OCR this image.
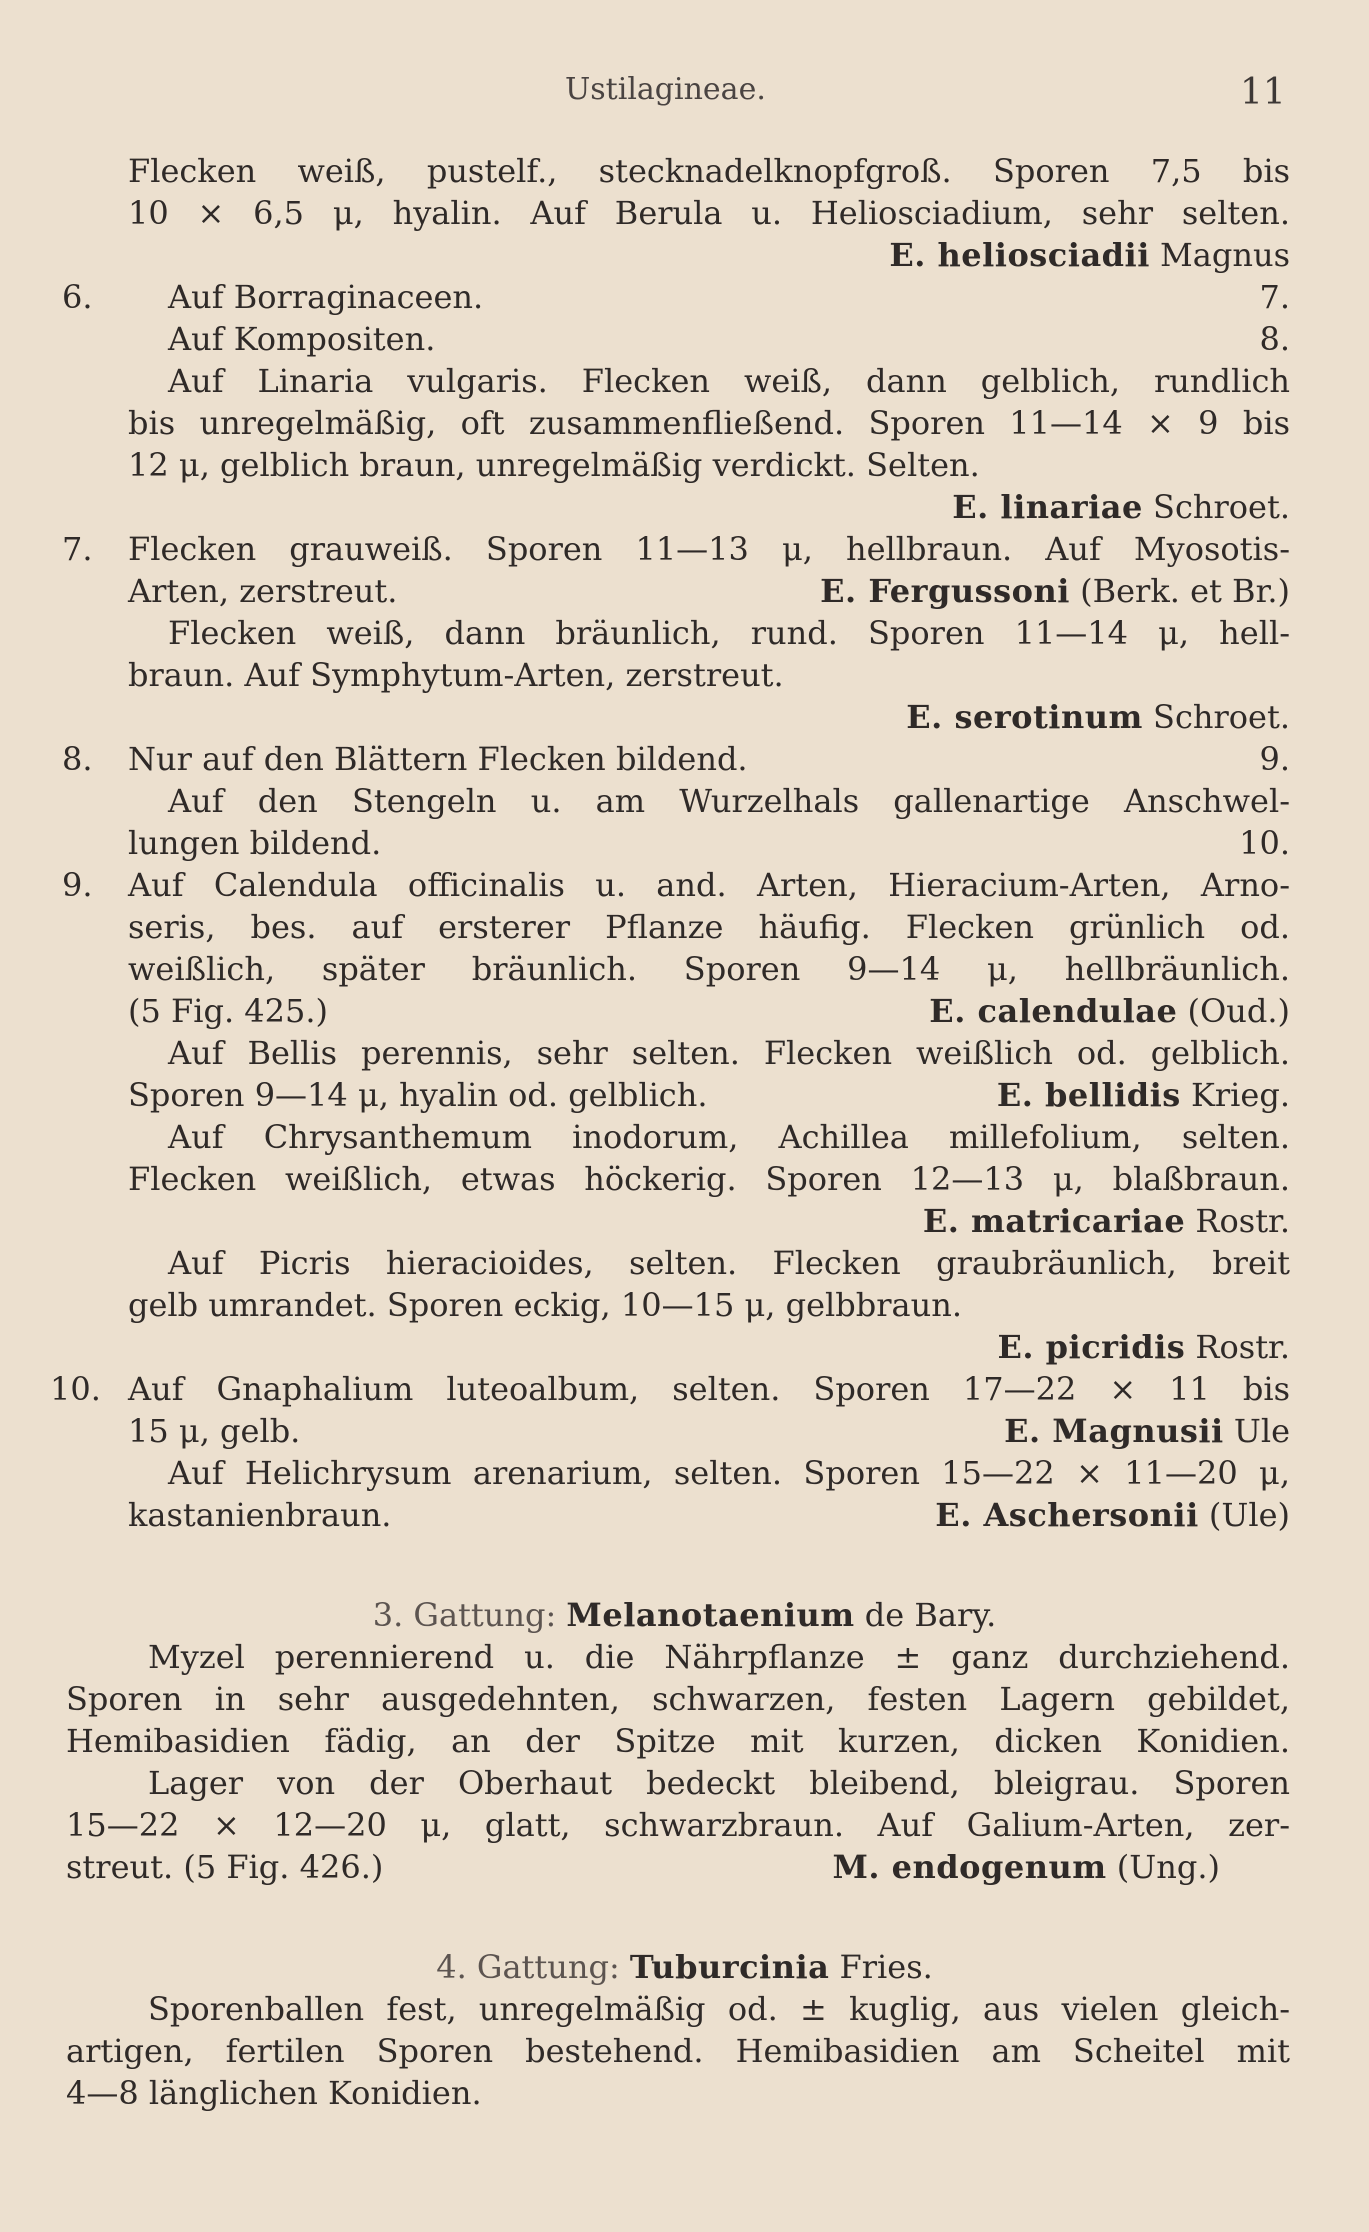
Ustilagineae.	11
Flecken weiß, pustelf., stecknadelknopfgroß. Sporen 7,5 bis
10 × 6,5 μ, hyalin. Auf Berula u. Heliosciadium, sehr selten.
E. heliosciadii Magnus
6. Auf Borraginaceen.	7.
Auf Kompositen.	8.
Auf Linaria vulgaris. Flecken weiß, dann gelblich, rundlich
bis unregelmäßig, oft zusammenfließend. Sporen 11—14 × 9 bis
12 μ, gelblich braun, unregelmäßig verdickt. Selten.
E. linariae Schroet.
7. Flecken grauweiß. Sporen 11—13 μ, hellbraun. Auf Myosotis-
Arten, zerstreut.	E. Fergussoni (Berk. et Br.)
Flecken weiß, dann bräunlich, rund. Sporen 11—14 μ, hell-
braun. Auf Symphytum-Arten, zerstreut.
E. serotinum Schroet.
8. Nur auf den Blättern Flecken bildend.	9.
Auf den Stengeln u. am Wurzelhals gallenartige Anschwel-
lungen bildend.	10.
9. Auf Calendula officinalis u. and. Arten, Hieracium-Arten, Arno-
seris, bes. auf ersterer Pflanze häufig. Flecken grünlich od.
weißlich, später bräunlich. Sporen 9—14 μ, hellbräunlich.
(5 Fig. 425.)	E. calendulae (Oud.)
Auf Bellis perennis, sehr selten. Flecken weißlich od. gelblich.
Sporen 9—14 μ, hyalin od. gelblich.	E. bellidis Krieg.
Auf Chrysanthemum inodorum, Achillea millefolium, selten.
Flecken weißlich, etwas höckerig. Sporen 12—13 μ, blaßbraun.
E. matricariae Rostr.
Auf Picris hieracioides, selten. Flecken graubräunlich, breit
gelb umrandet. Sporen eckig, 10—15 μ, gelbbraun.
E. picridis Rostr.
10. Auf Gnaphalium luteoalbum, selten. Sporen 17—22 × 11 bis
15 μ, gelb.	E. Magnusii Ule
Auf Helichrysum arenarium, selten. Sporen 15—22 × 11—20 μ,
kastanienbraun.	E. Aschersonii (Ule)
3. Gattung: Melanotaenium de Bary.
Myzel perennierend u. die Nährpflanze ± ganz durchziehend.
Sporen in sehr ausgedehnten, schwarzen, festen Lagern gebildet,
Hemibasidien fädig, an der Spitze mit kurzen, dicken Konidien.
Lager von der Oberhaut bedeckt bleibend, bleigrau. Sporen
15—22 × 12—20 μ, glatt, schwarzbraun. Auf Galium-Arten, zer-
streut. (5 Fig. 426.)	M. endogenum (Ung.)
4. Gattung: Tuburcinia Fries.
Sporenballen fest, unregelmäßig od. ± kuglig, aus vielen gleich-
artigen, fertilen Sporen bestehend. Hemibasidien am Scheitel mit
4—8 länglichen Konidien.
